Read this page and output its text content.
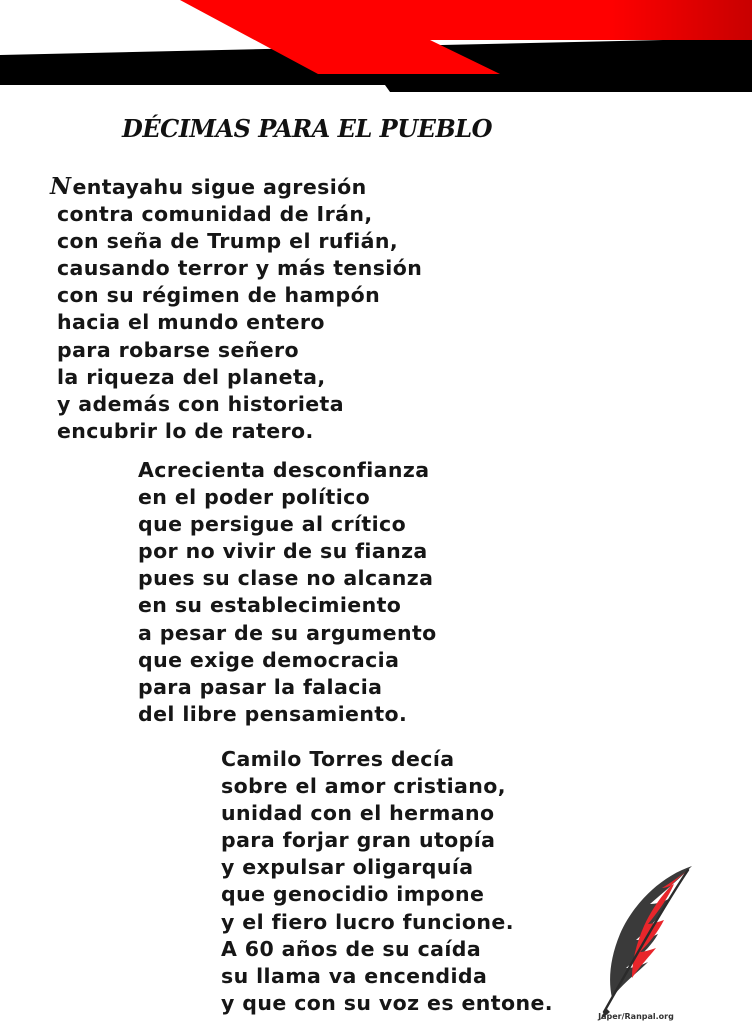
DÉCIMAS PARA EL PUEBLO
Nentayahu sigue agresión
contra comunidad de Irán,
con seña de Trump el rufián,
causando terror y más tensión
con su régimen de hampón
hacia el mundo entero
para robarse señero
la riqueza del planeta,
y además con historieta
encubrir lo de ratero.
Acrecienta desconfianza
en el poder político
que persigue al crítico
por no vivir de su fianza
pues su clase no alcanza
en su establecimiento
a pesar de su argumento
que exige democracia
para pasar la falacia
del libre pensamiento.
Camilo Torres decía
sobre el amor cristiano,
unidad con el hermano
para forjar gran utopía
y expulsar oligarquía
que genocidio impone
y el fiero lucro funcione.
A 60 años de su caída
su llama va encendida
y que con su voz es entone.
Japer/Ranpal.org
